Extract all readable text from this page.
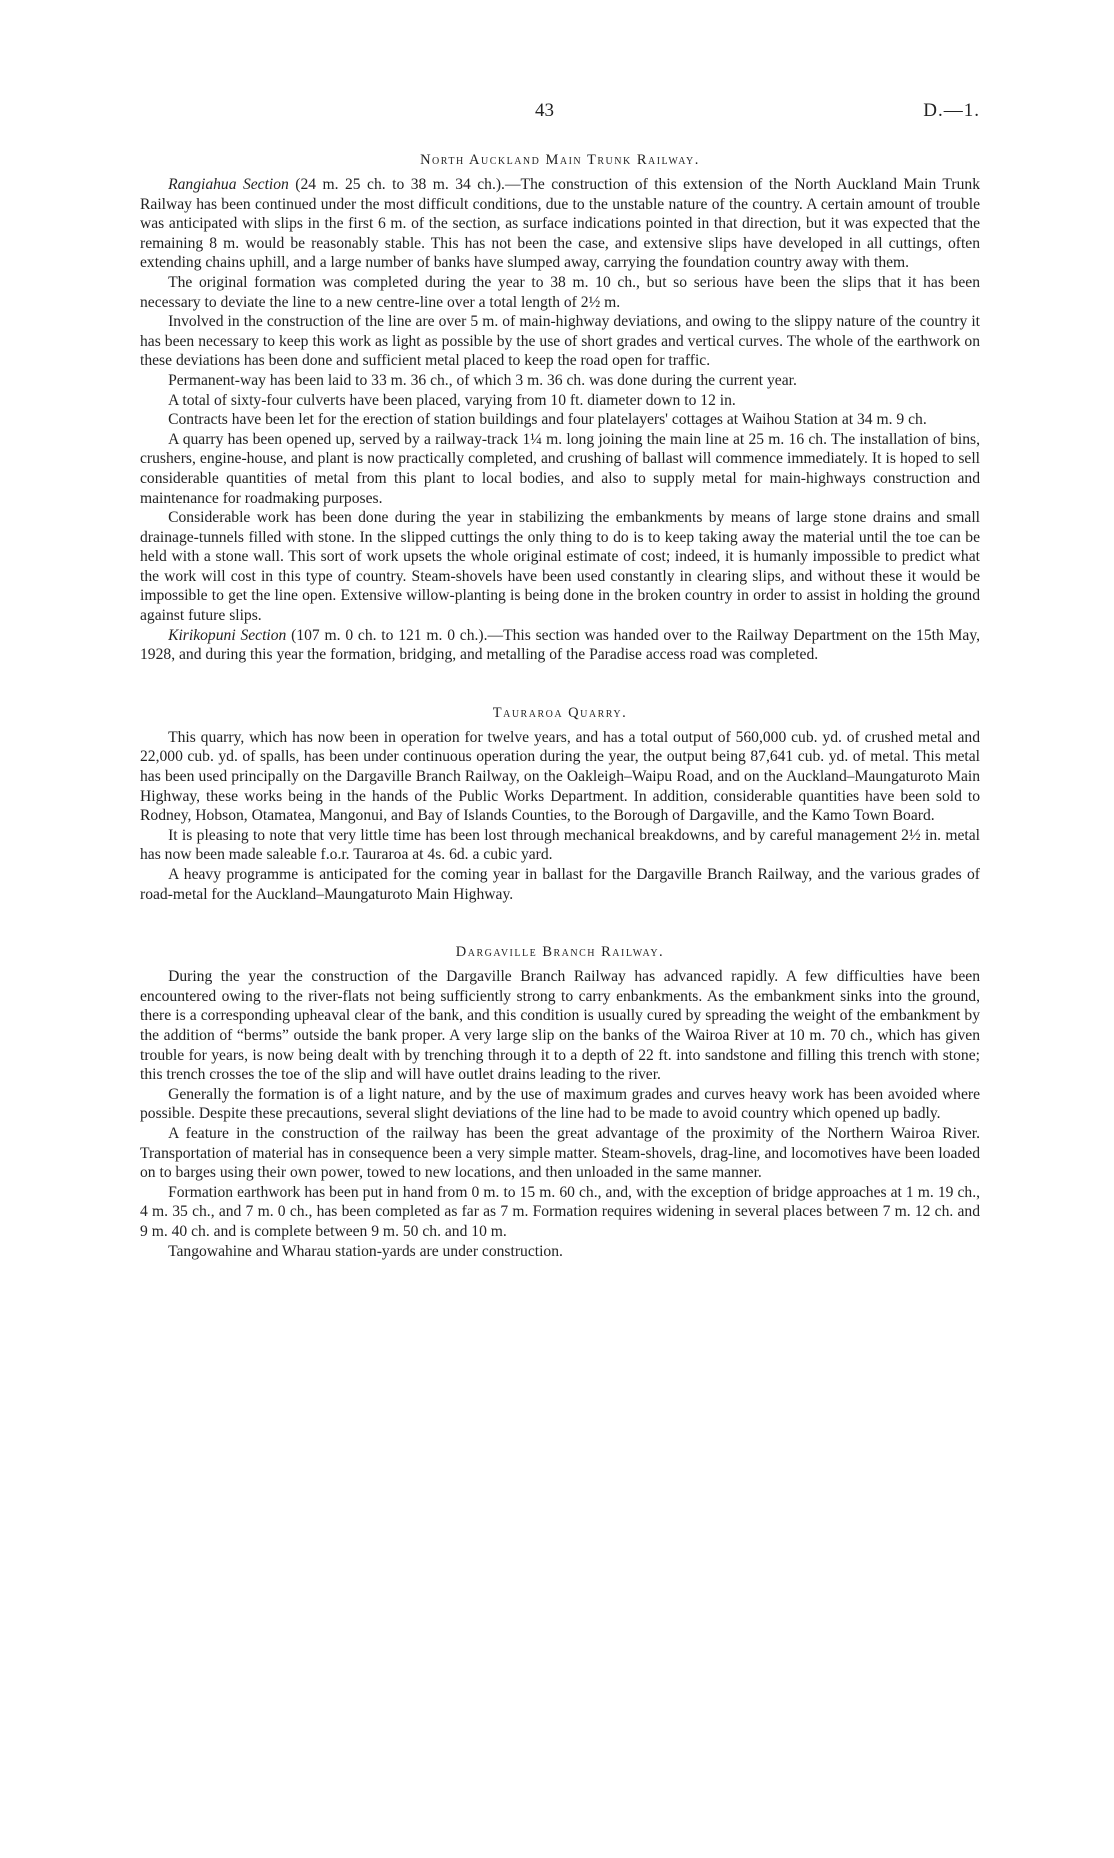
43	D.—1.
North Auckland Main Trunk Railway.

Rangiahua Section (24 m. 25 ch. to 38 m. 34 ch.).—The construction of this extension of the North Auckland Main Trunk Railway has been continued under the most difficult conditions, due to the unstable nature of the country. A certain amount of trouble was anticipated with slips in the first 6 m. of the section, as surface indications pointed in that direction, but it was expected that the remaining 8 m. would be reasonably stable. This has not been the case, and extensive slips have developed in all cuttings, often extending chains uphill, and a large number of banks have slumped away, carrying the foundation country away with them.

The original formation was completed during the year to 38 m. 10 ch., but so serious have been the slips that it has been necessary to deviate the line to a new centre-line over a total length of 2½ m.

Involved in the construction of the line are over 5 m. of main-highway deviations, and owing to the slippy nature of the country it has been necessary to keep this work as light as possible by the use of short grades and vertical curves. The whole of the earthwork on these deviations has been done and sufficient metal placed to keep the road open for traffic.

Permanent-way has been laid to 33 m. 36 ch., of which 3 m. 36 ch. was done during the current year.

A total of sixty-four culverts have been placed, varying from 10 ft. diameter down to 12 in.

Contracts have been let for the erection of station buildings and four platelayers' cottages at Waihou Station at 34 m. 9 ch.

A quarry has been opened up, served by a railway-track 1¼ m. long joining the main line at 25 m. 16 ch. The installation of bins, crushers, engine-house, and plant is now practically completed, and crushing of ballast will commence immediately. It is hoped to sell considerable quantities of metal from this plant to local bodies, and also to supply metal for main-highways construction and maintenance for roadmaking purposes.

Considerable work has been done during the year in stabilizing the embankments by means of large stone drains and small drainage-tunnels filled with stone. In the slipped cuttings the only thing to do is to keep taking away the material until the toe can be held with a stone wall. This sort of work upsets the whole original estimate of cost; indeed, it is humanly impossible to predict what the work will cost in this type of country. Steam-shovels have been used constantly in clearing slips, and without these it would be impossible to get the line open. Extensive willow-planting is being done in the broken country in order to assist in holding the ground against future slips.

Kirikopuni Section (107 m. 0 ch. to 121 m. 0 ch.).—This section was handed over to the Railway Department on the 15th May, 1928, and during this year the formation, bridging, and metalling of the Paradise access road was completed.

Tauraroa Quarry.

This quarry, which has now been in operation for twelve years, and has a total output of 560,000 cub. yd. of crushed metal and 22,000 cub. yd. of spalls, has been under continuous operation during the year, the output being 87,641 cub. yd. of metal. This metal has been used principally on the Dargaville Branch Railway, on the Oakleigh–Waipu Road, and on the Auckland–Maungaturoto Main Highway, these works being in the hands of the Public Works Department. In addition, considerable quantities have been sold to Rodney, Hobson, Otamatea, Mangonui, and Bay of Islands Counties, to the Borough of Dargaville, and the Kamo Town Board.

It is pleasing to note that very little time has been lost through mechanical breakdowns, and by careful management 2½ in. metal has now been made saleable f.o.r. Tauraroa at 4s. 6d. a cubic yard.

A heavy programme is anticipated for the coming year in ballast for the Dargaville Branch Railway, and the various grades of road-metal for the Auckland–Maungaturoto Main Highway.

Dargaville Branch Railway.

During the year the construction of the Dargaville Branch Railway has advanced rapidly. A few difficulties have been encountered owing to the river-flats not being sufficiently strong to carry enbankments. As the embankment sinks into the ground, there is a corresponding upheaval clear of the bank, and this condition is usually cured by spreading the weight of the embankment by the addition of “berms” outside the bank proper. A very large slip on the banks of the Wairoa River at 10 m. 70 ch., which has given trouble for years, is now being dealt with by trenching through it to a depth of 22 ft. into sandstone and filling this trench with stone; this trench crosses the toe of the slip and will have outlet drains leading to the river.

Generally the formation is of a light nature, and by the use of maximum grades and curves heavy work has been avoided where possible. Despite these precautions, several slight deviations of the line had to be made to avoid country which opened up badly.

A feature in the construction of the railway has been the great advantage of the proximity of the Northern Wairoa River. Transportation of material has in consequence been a very simple matter. Steam-shovels, drag-line, and locomotives have been loaded on to barges using their own power, towed to new locations, and then unloaded in the same manner.

Formation earthwork has been put in hand from 0 m. to 15 m. 60 ch., and, with the exception of bridge approaches at 1 m. 19 ch., 4 m. 35 ch., and 7 m. 0 ch., has been completed as far as 7 m. Formation requires widening in several places between 7 m. 12 ch. and 9 m. 40 ch. and is complete between 9 m. 50 ch. and 10 m.

Tangowahine and Wharau station-yards are under construction.
